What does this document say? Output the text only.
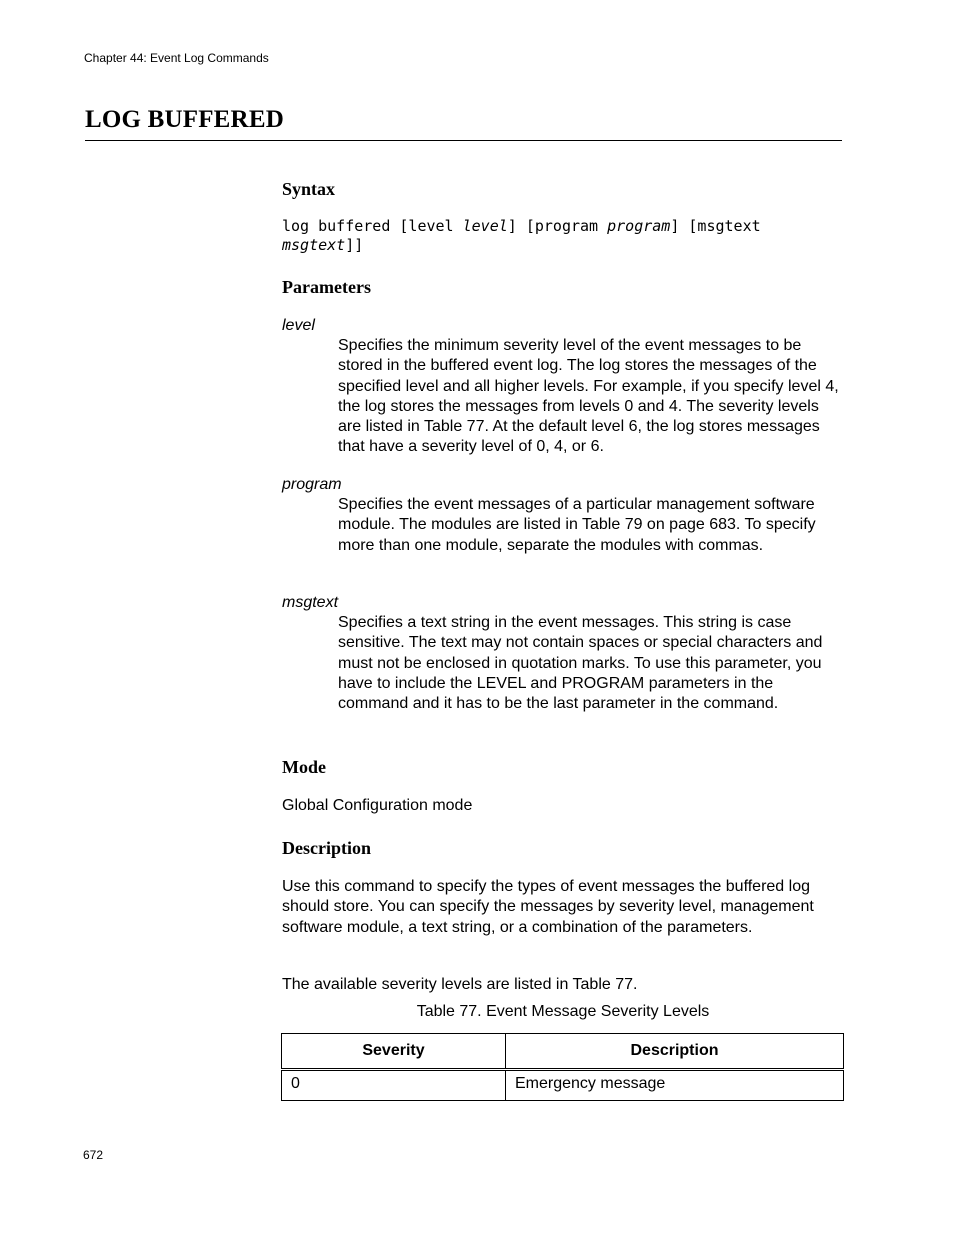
Chapter 44: Event Log Commands
LOG BUFFERED
Syntax
log buffered [level level] [program program] [msgtext
msgtext]]
Parameters
level
Specifies the minimum severity level of the event messages to be stored in the buffered event log. The log stores the messages of the specified level and all higher levels. For example, if you specify level 4, the log stores the messages from levels 0 and 4. The severity levels are listed in Table 77. At the default level 6, the log stores messages that have a severity level of 0, 4, or 6.
program
Specifies the event messages of a particular management software module. The modules are listed in Table 79 on page 683. To specify more than one module, separate the modules with commas.
msgtext
Specifies a text string in the event messages. This string is case sensitive. The text may not contain spaces or special characters and must not be enclosed in quotation marks. To use this parameter, you have to include the LEVEL and PROGRAM parameters in the command and it has to be the last parameter in the command.
Mode
Global Configuration mode
Description
Use this command to specify the types of event messages the buffered log should store. You can specify the messages by severity level, management software module, a text string, or a combination of the parameters.
The available severity levels are listed in Table 77.
Table 77. Event Message Severity Levels
Severity	Description
0	Emergency message
672
